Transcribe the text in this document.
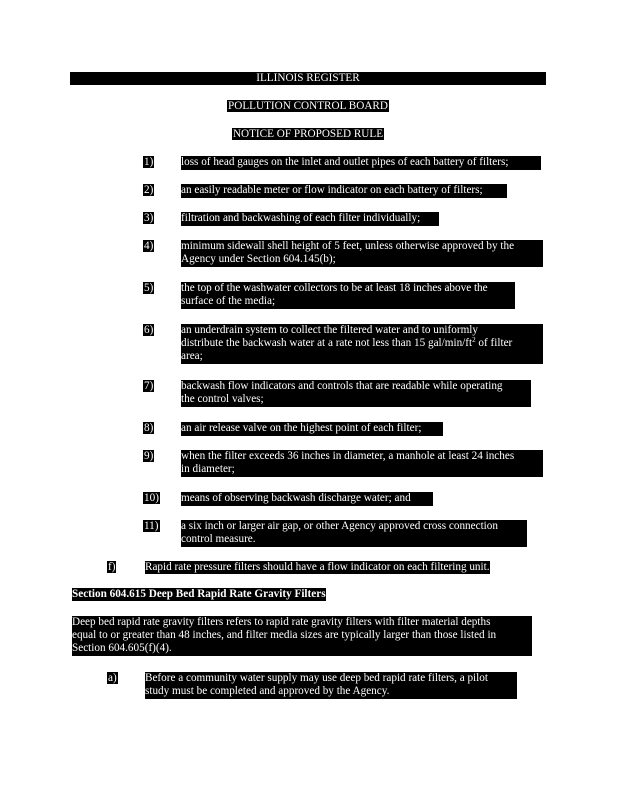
ILLINOIS REGISTER
POLLUTION CONTROL BOARD
NOTICE OF PROPOSED RULE
1)	loss of head gauges on the inlet and outlet pipes of each battery of filters;
2)	an easily readable meter or flow indicator on each battery of filters;
3)	filtration and backwashing of each filter individually;
4)	minimum sidewall shell height of 5 feet, unless otherwise approved by the
Agency under Section 604.145(b);
5)	the top of the washwater collectors to be at least 18 inches above the
surface of the media;
6)	an underdrain system to collect the filtered water and to uniformly
distribute the backwash water at a rate not less than 15 gal/$\min/ft^2$ of filter
area;
7)	backwash flow indicators and controls that are readable while operating
the control valves;
8)	an air release valve on the highest point of each filter;
9)	when the filter exceeds 36 inches in diameter, a manhole at least 24 inches
in diameter;
10)	means of observing backwash discharge water; and
11)	a six inch or larger air gap, or other Agency approved cross connection
control measure.
f)	Rapid rate pressure filters should have a flow indicator on each filtering unit.
Section 604.615 Deep Bed Rapid Rate Gravity Filters
Deep bed rapid rate gravity filters refers to rapid rate gravity filters with filter material depths
equal to or greater than 48 inches, and filter media sizes are typically larger than those listed in
Section 604.605(f)(4).
a)	Before a community water supply may use deep bed rapid rate filters, a pilot
study must be completed and approved by the Agency.
